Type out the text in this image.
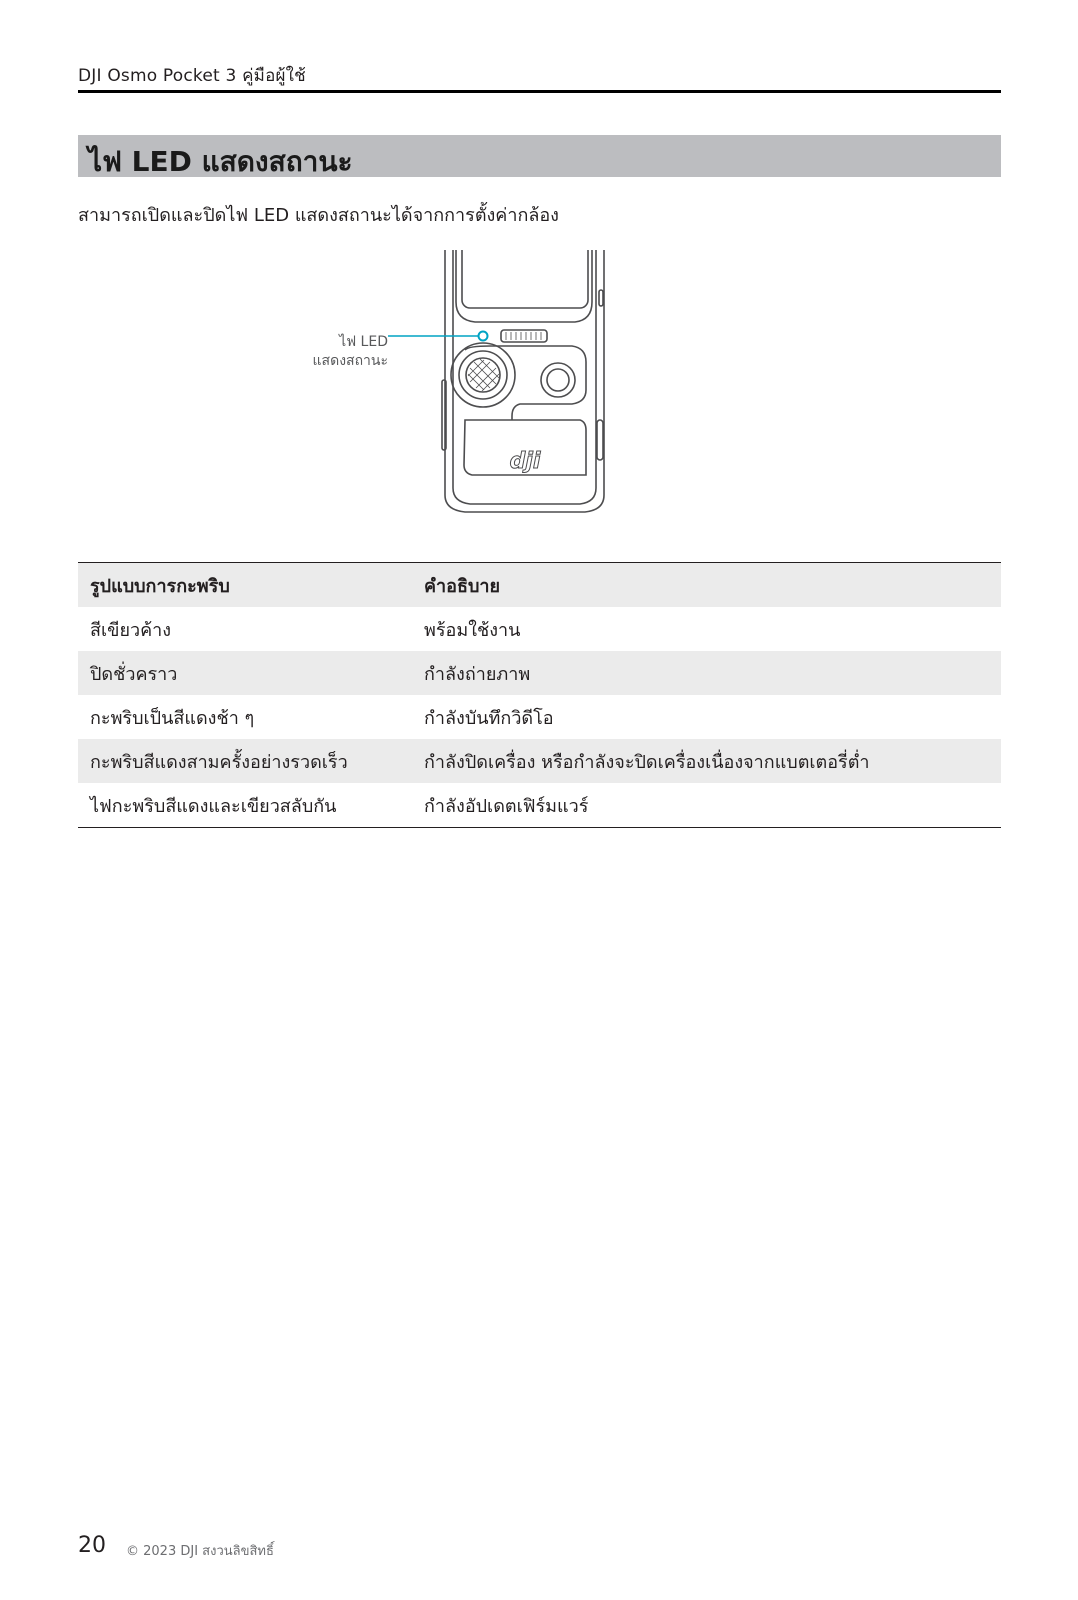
DJI Osmo Pocket 3 คู่มือผู้ใช้
ไฟ LED แสดงสถานะ
สามารถเปิดและปิดไฟ LED แสดงสถานะได้จากการตั้งค่ากล้อง
dji
ไฟ LED
แสดงสถานะ
รูปแบบการกะพริบ	คำอธิบาย
สีเขียวค้าง	พร้อมใช้งาน
ปิดชั่วคราว	กำลังถ่ายภาพ
กะพริบเป็นสีแดงช้า ๆ	กำลังบันทึกวิดีโอ
กะพริบสีแดงสามครั้งอย่างรวดเร็ว	กำลังปิดเครื่อง หรือกำลังจะปิดเครื่องเนื่องจากแบตเตอรี่ต่ำ
ไฟกะพริบสีแดงและเขียวสลับกัน	กำลังอัปเดตเฟิร์มแวร์
20 © 2023 DJI สงวนลิขสิทธิ์
